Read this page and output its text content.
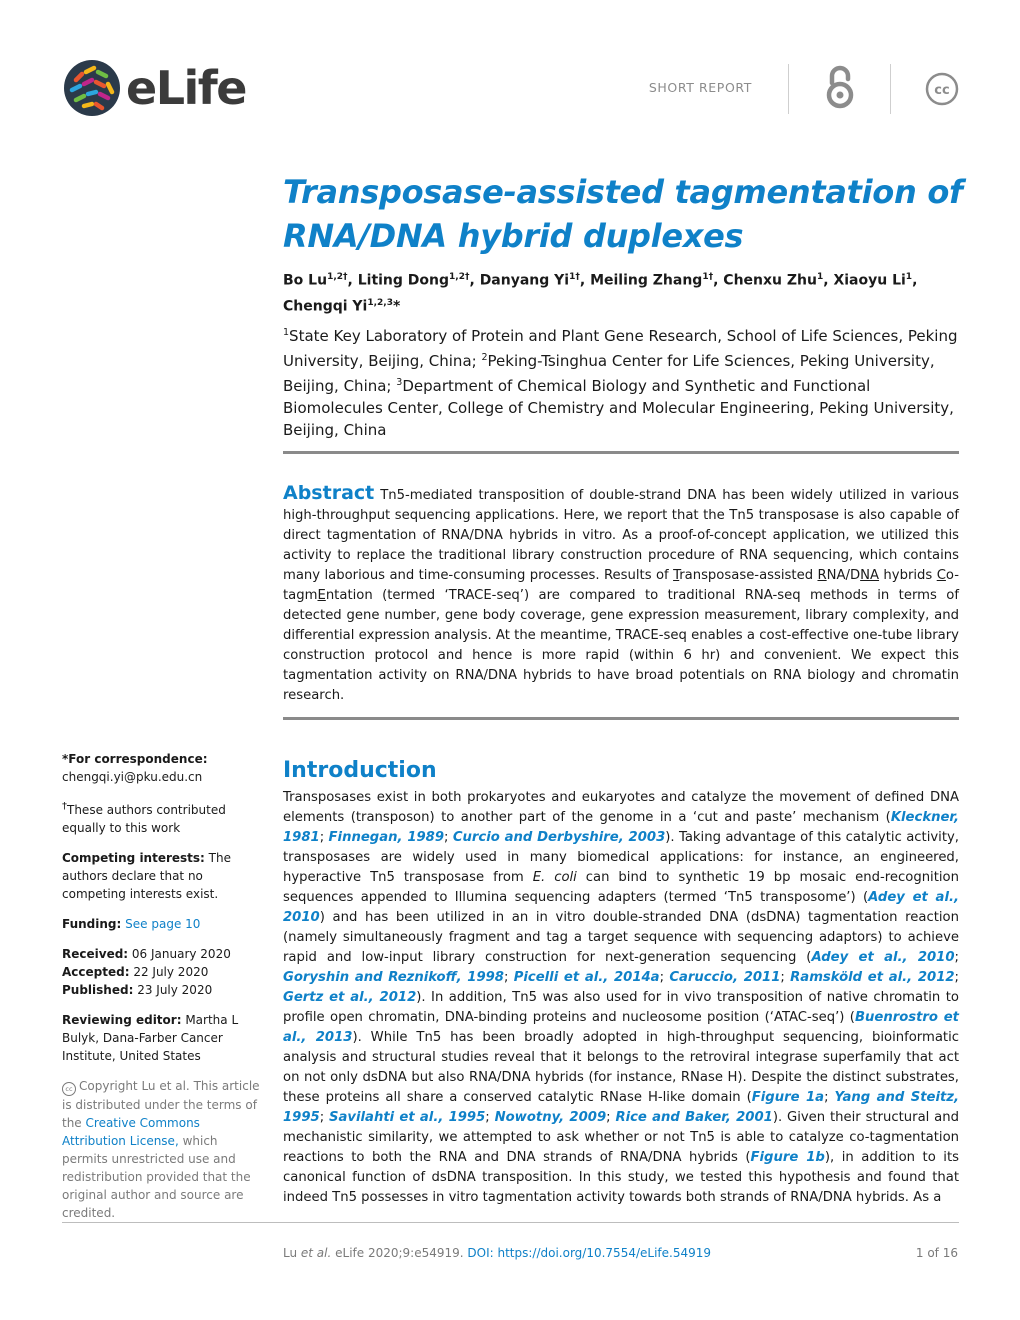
eLife	SHORT REPORT	cc
Transposase-assisted tagmentation of RNA/DNA hybrid duplexes

Bo $Lu^{1,2\dagger}$, Liting Dong$^{1,2\dagger}$, Danyang $Yi^{1\dagger}$, Meiling Zhang$^{1\dagger}$, Chenxu Zhu$^1$, Xiaoyu Li$^1$, Chengqi Yi$^{1,2,3}$*

$^1$State Key Laboratory of Protein and Plant Gene Research, School of Life Sciences, Peking University, Beijing, China; $^2$Peking-Tsinghua Center for Life Sciences, Peking University, Beijing, China; $^3$Department of Chemical Biology and Synthetic and Functional Biomolecules Center, College of Chemistry and Molecular Engineering, Peking University, Beijing, China

Abstract Tn5-mediated transposition of double-strand DNA has been widely utilized in various high-throughput sequencing applications. Here, we report that the Tn5 transposase is also capable of direct tagmentation of RNA/DNA hybrids in vitro. As a proof-of-concept application, we utilized this activity to replace the traditional library construction procedure of RNA sequencing, which contains many laborious and time-consuming processes. Results of Transposase-assisted RNA/DNA hybrids Co-tagmEntation (termed ‘TRACE-seq’) are compared to traditional RNA-seq methods in terms of detected gene number, gene body coverage, gene expression measurement, library complexity, and differential expression analysis. At the meantime, TRACE-seq enables a cost-effective one-tube library construction protocol and hence is more rapid (within 6 hr) and convenient. We expect this tagmentation activity on RNA/DNA hybrids to have broad potentials on RNA biology and chromatin research.

*For correspondence:
chengqi.yi@pku.edu.cn

†These authors contributed equally to this work

Competing interests: The authors declare that no competing interests exist.

Funding: See page 10

Received: 06 January 2020
Accepted: 22 July 2020
Published: 23 July 2020

Reviewing editor: Martha L Bulyk, Dana-Farber Cancer Institute, United States

cc Copyright Lu et al. This article is distributed under the terms of the Creative Commons Attribution License, which permits unrestricted use and redistribution provided that the original author and source are credited.

Introduction

Transposases exist in both prokaryotes and eukaryotes and catalyze the movement of defined DNA elements (transposon) to another part of the genome in a ‘cut and paste’ mechanism (Kleckner, 1981; Finnegan, 1989; Curcio and Derbyshire, 2003). Taking advantage of this catalytic activity, transposases are widely used in many biomedical applications: for instance, an engineered, hyperactive Tn5 transposase from E. coli can bind to synthetic 19 bp mosaic end-recognition sequences appended to Illumina sequencing adapters (termed ‘Tn5 transposome’) (Adey et al., 2010) and has been utilized in an in vitro double-stranded DNA (dsDNA) tagmentation reaction (namely simultaneously fragment and tag a target sequence with sequencing adaptors) to achieve rapid and low-input library construction for next-generation sequencing (Adey et al., 2010; Goryshin and Reznikoff, 1998; Picelli et al., 2014a; Caruccio, 2011; Ramsköld et al., 2012; Gertz et al., 2012). In addition, Tn5 was also used for in vivo transposition of native chromatin to profile open chromatin, DNA-binding proteins and nucleosome position (‘ATAC-seq’) (Buenrostro et al., 2013). While Tn5 has been broadly adopted in high-throughput sequencing, bioinformatic analysis and structural studies reveal that it belongs to the retroviral integrase superfamily that act on not only dsDNA but also RNA/DNA hybrids (for instance, RNase H). Despite the distinct substrates, these proteins all share a conserved catalytic RNase H-like domain (Figure 1a; Yang and Steitz, 1995; Savilahti et al., 1995; Nowotny, 2009; Rice and Baker, 2001). Given their structural and mechanistic similarity, we attempted to ask whether or not Tn5 is able to catalyze co-tagmentation reactions to both the RNA and DNA strands of RNA/DNA hybrids (Figure 1b), in addition to its canonical function of dsDNA transposition. In this study, we tested this hypothesis and found that indeed Tn5 possesses in vitro tagmentation activity towards both strands of RNA/DNA hybrids. As a

Lu et al. eLife 2020;9:e54919. DOI: https://doi.org/10.7554/eLife.54919	1 of 16
